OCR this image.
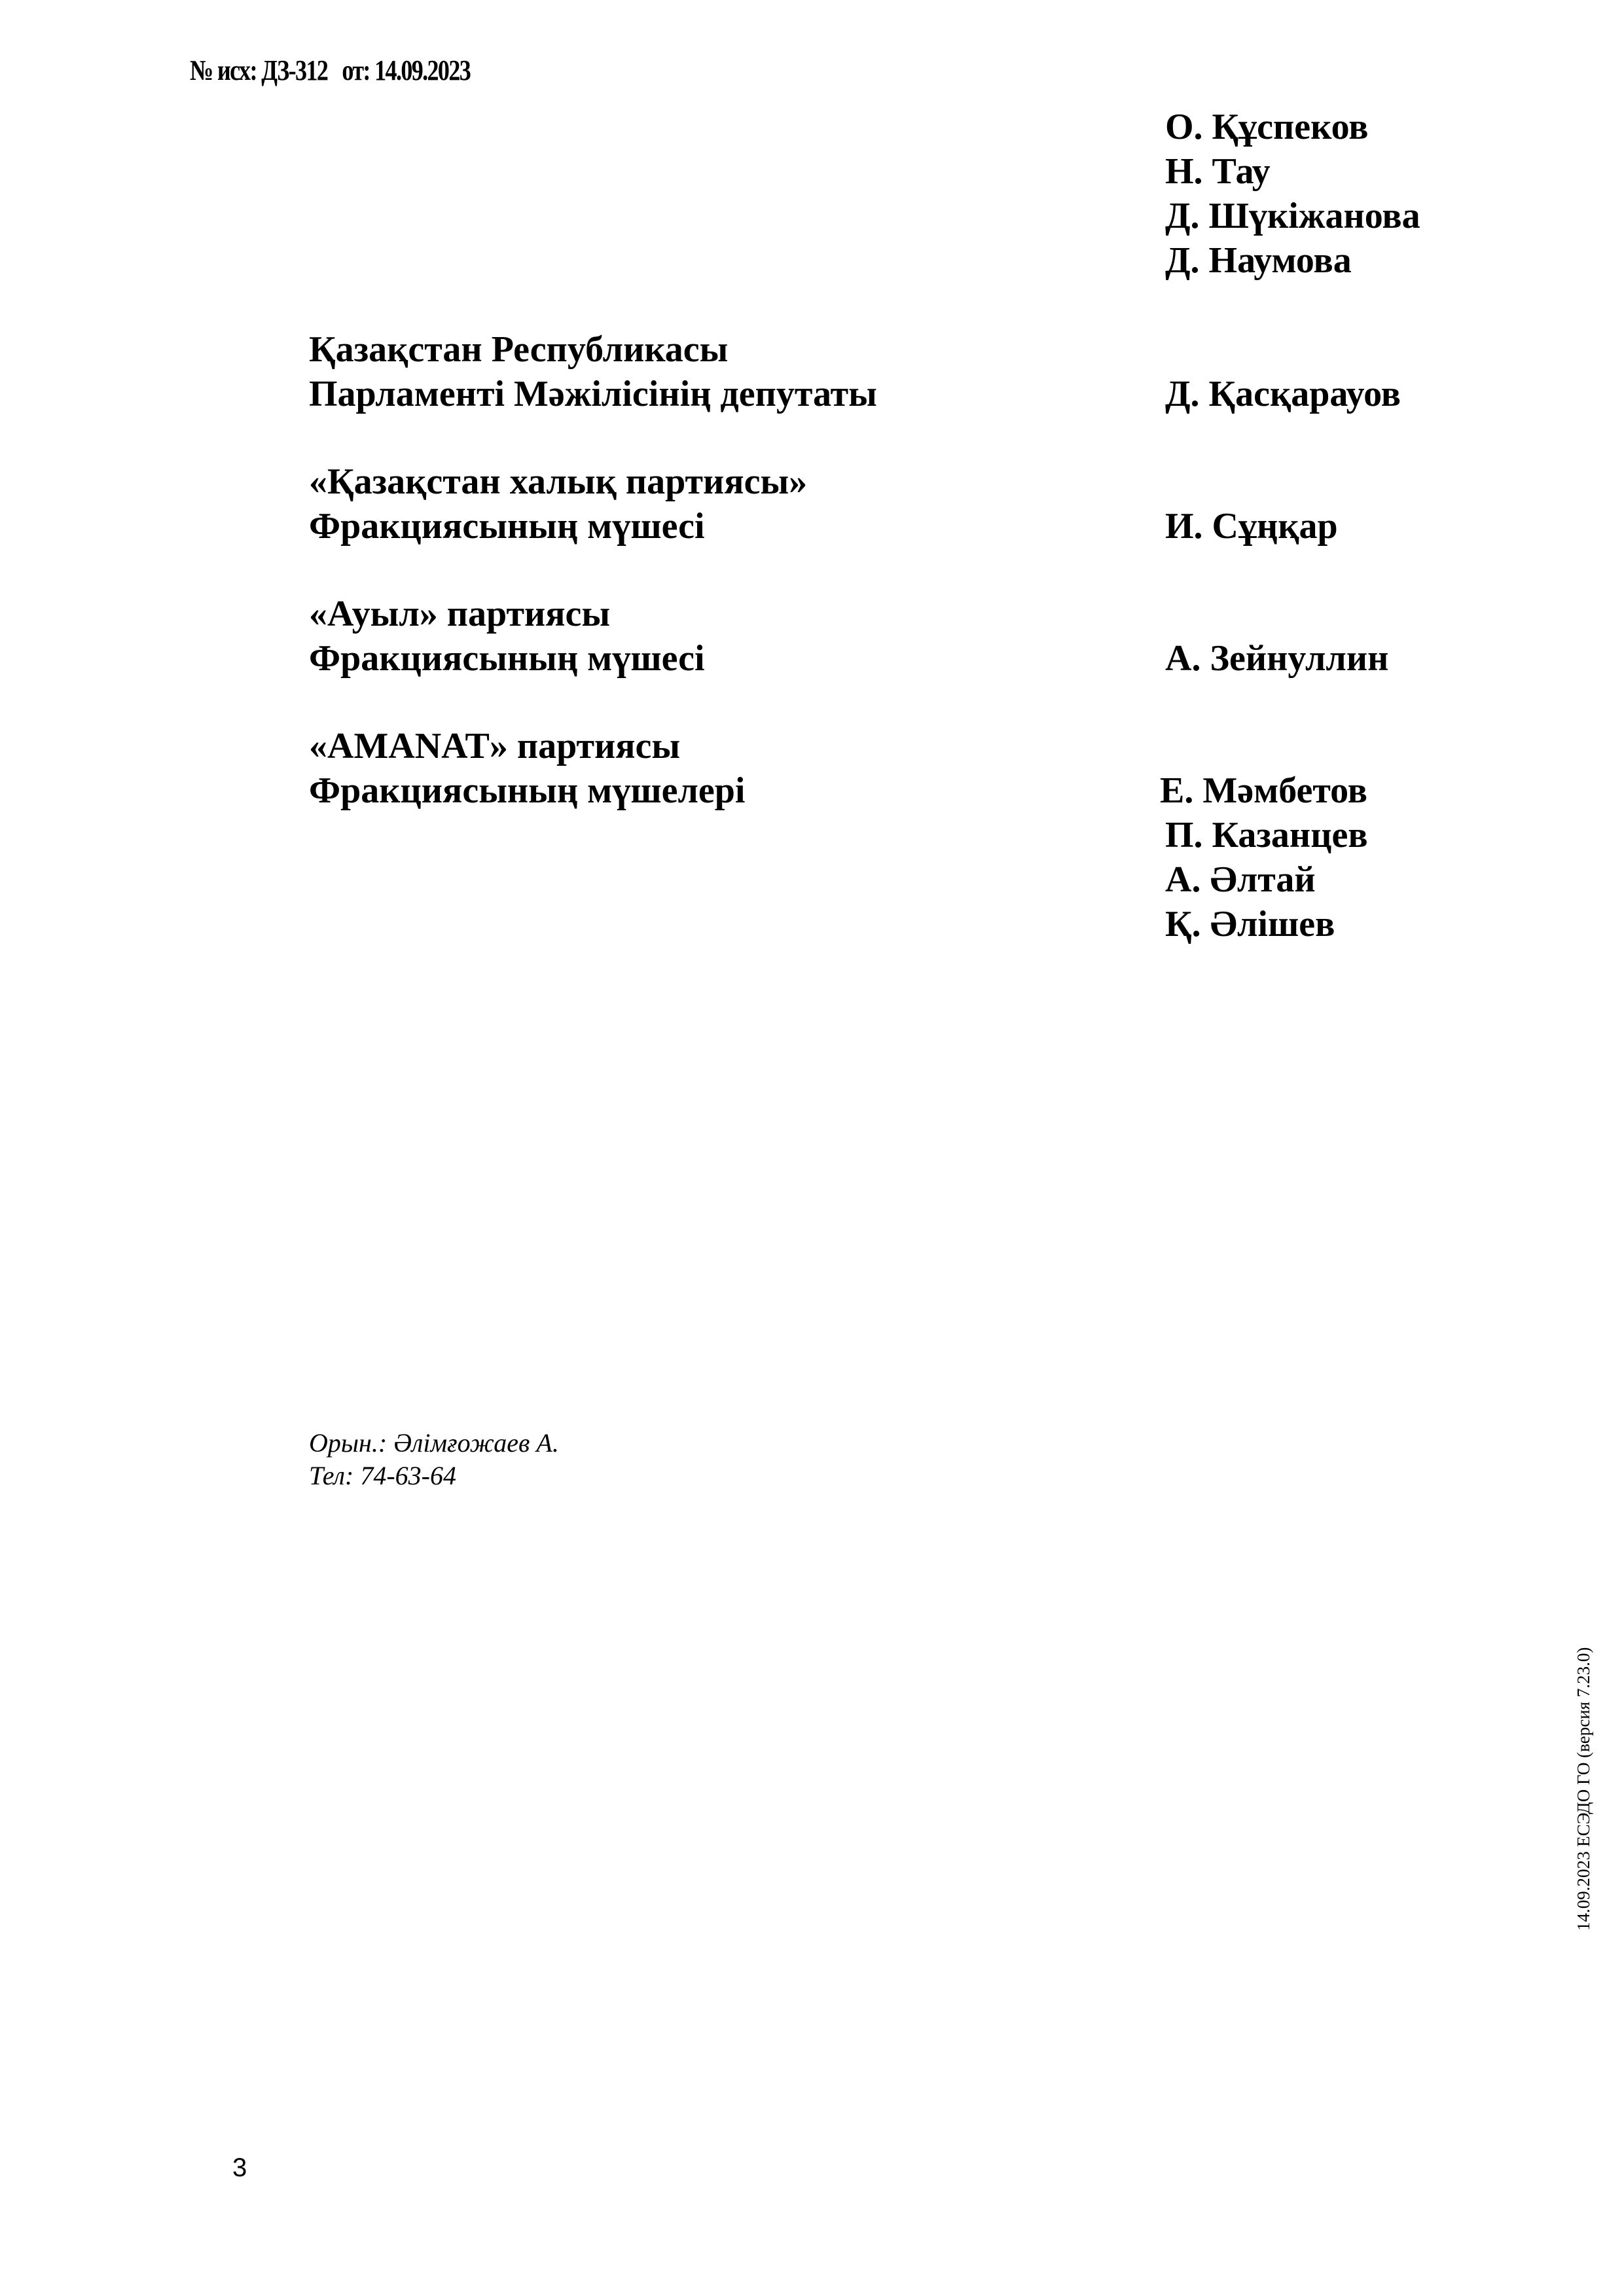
№ исх: ДЗ-312   от: 14.09.2023
О. Құспеков
Н. Тау
Д. Шүкіжанова
Д. Наумова
Қазақстан Республикасы
Парламенті Мәжілісінің депутаты	Д. Қасқарауов
«Қазақстан халық партиясы»
Фракциясының мүшесі	И. Сұңқар
«Ауыл» партиясы
Фракциясының мүшесі	А. Зейнуллин
«AMANAT» партиясы
Фракциясының мүшелері	Е. Мәмбетов
П. Казанцев
А. Әлтай
Қ. Әлішев
Орын.: Әлімғожаев А.
Тел: 74-63-64
14.09.2023 ЕСЭДО ГО (версия 7.23.0)
3
